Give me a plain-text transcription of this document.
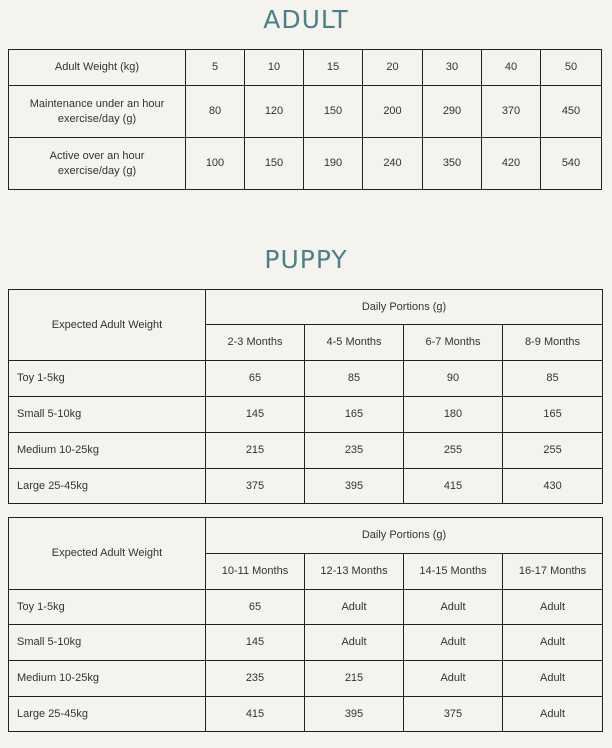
ADULT
Adult Weight (kg)	5	10	15	20	30	40	50
Maintenance under an hour exercise/day (g)	80	120	150	200	290	370	450
Active over an hour exercise/day (g)	100	150	190	240	350	420	540
PUPPY
Expected Adult Weight	Daily Portions (g)			
	2-3 Months	4-5 Months	6-7 Months	8-9 Months
Toy 1-5kg	65	85	90	85
Small 5-10kg	145	165	180	165
Medium 10-25kg	215	235	255	255
Large 25-45kg	375	395	415	430
Expected Adult Weight	Daily Portions (g)			
	10-11 Months	12-13 Months	14-15 Months	16-17 Months
Toy 1-5kg	65	Adult	Adult	Adult
Small 5-10kg	145	Adult	Adult	Adult
Medium 10-25kg	235	215	Adult	Adult
Large 25-45kg	415	395	375	Adult
